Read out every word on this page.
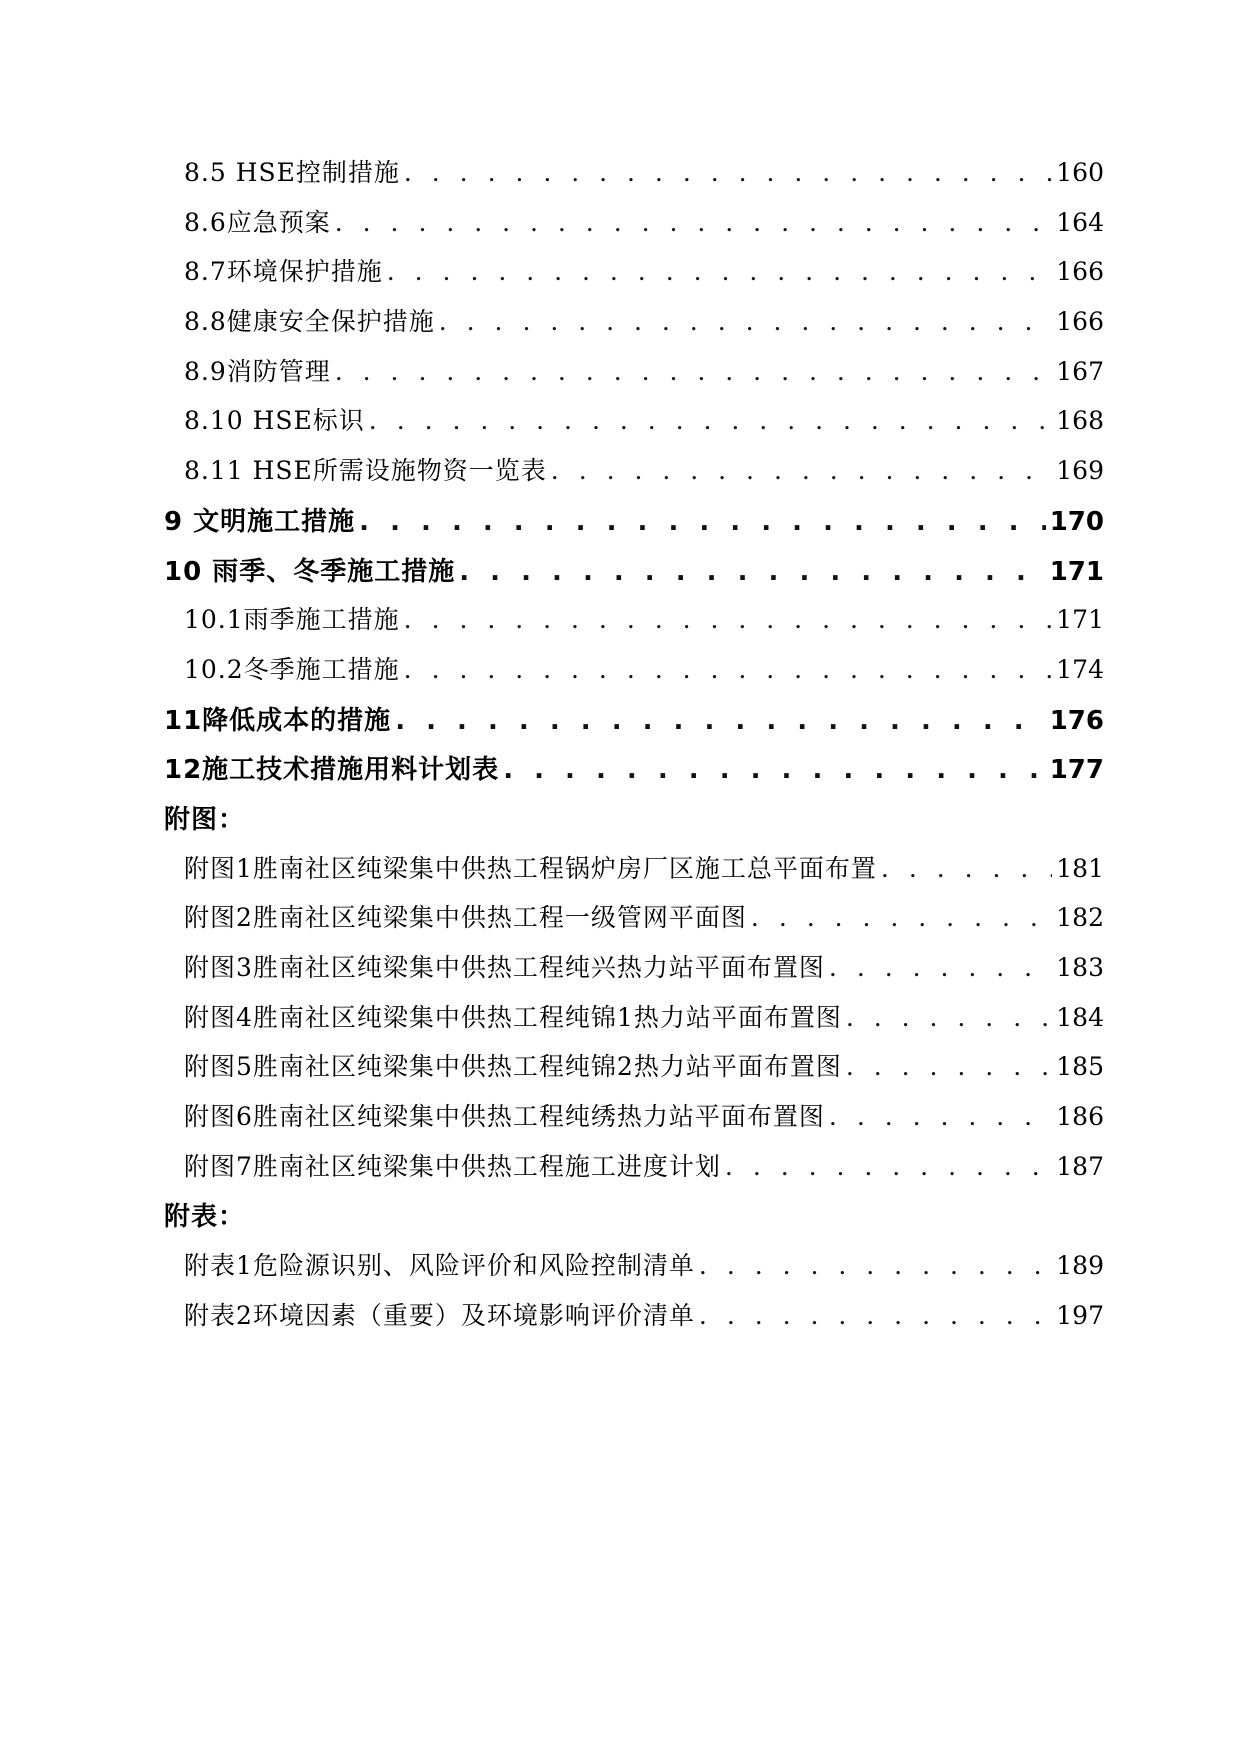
8.5 HSE控制措施 . . .	160
8.6应急预案 . . .	164
8.7环境保护措施 . . .	166
8.8健康安全保护措施 . . .	166
8.9消防管理 . . .	167
8.10 HSE标识 . . .	168
8.11 HSE所需设施物资一览表 . . .	169
9 文明施工措施 . . .	170
10 雨季、冬季施工措施 . . .	171
10.1雨季施工措施 . . .	171
10.2冬季施工措施 . . .	174
11降低成本的措施 . . .	176
12施工技术措施用料计划表 . . .	177
附图：
附图1胜南社区纯梁集中供热工程锅炉房厂区施工总平面布置 . . .	181
附图2胜南社区纯梁集中供热工程一级管网平面图 . . .	182
附图3胜南社区纯梁集中供热工程纯兴热力站平面布置图 . . .	183
附图4胜南社区纯梁集中供热工程纯锦1热力站平面布置图 . . .	184
附图5胜南社区纯梁集中供热工程纯锦2热力站平面布置图 . . .	185
附图6胜南社区纯梁集中供热工程纯绣热力站平面布置图 . . .	186
附图7胜南社区纯梁集中供热工程施工进度计划 . . .	187
附表：
附表1危险源识别、风险评价和风险控制清单 . . .	189
附表2环境因素（重要）及环境影响评价清单 . . .	197
